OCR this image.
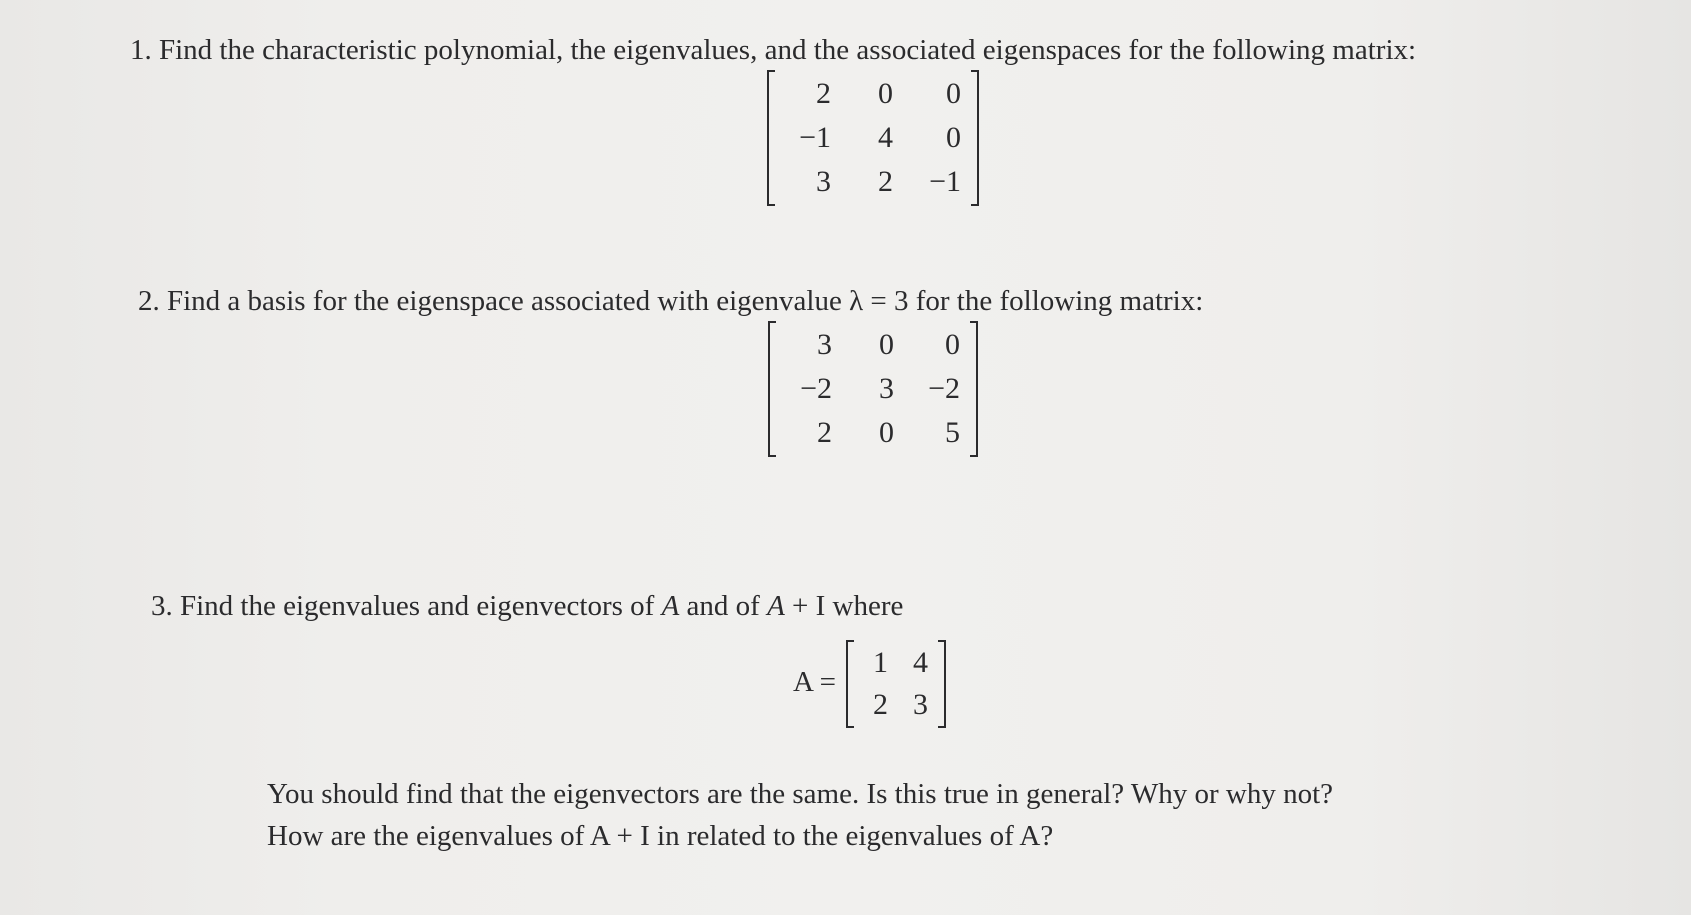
1. Find the characteristic polynomial, the eigenvalues, and the associated eigenspaces for the following matrix:
2	0	0
−1	4	0
3	2	−1
2. Find a basis for the eigenspace associated with eigenvalue λ = 3 for the following matrix:
3	0	0
−2	3	−2
2	0	5
3. Find the eigenvalues and eigenvectors of A and of A + I where
A =
1 4
2 3
You should find that the eigenvectors are the same. Is this true in general? Why or why not?
How are the eigenvalues of A + I in related to the eigenvalues of A?
